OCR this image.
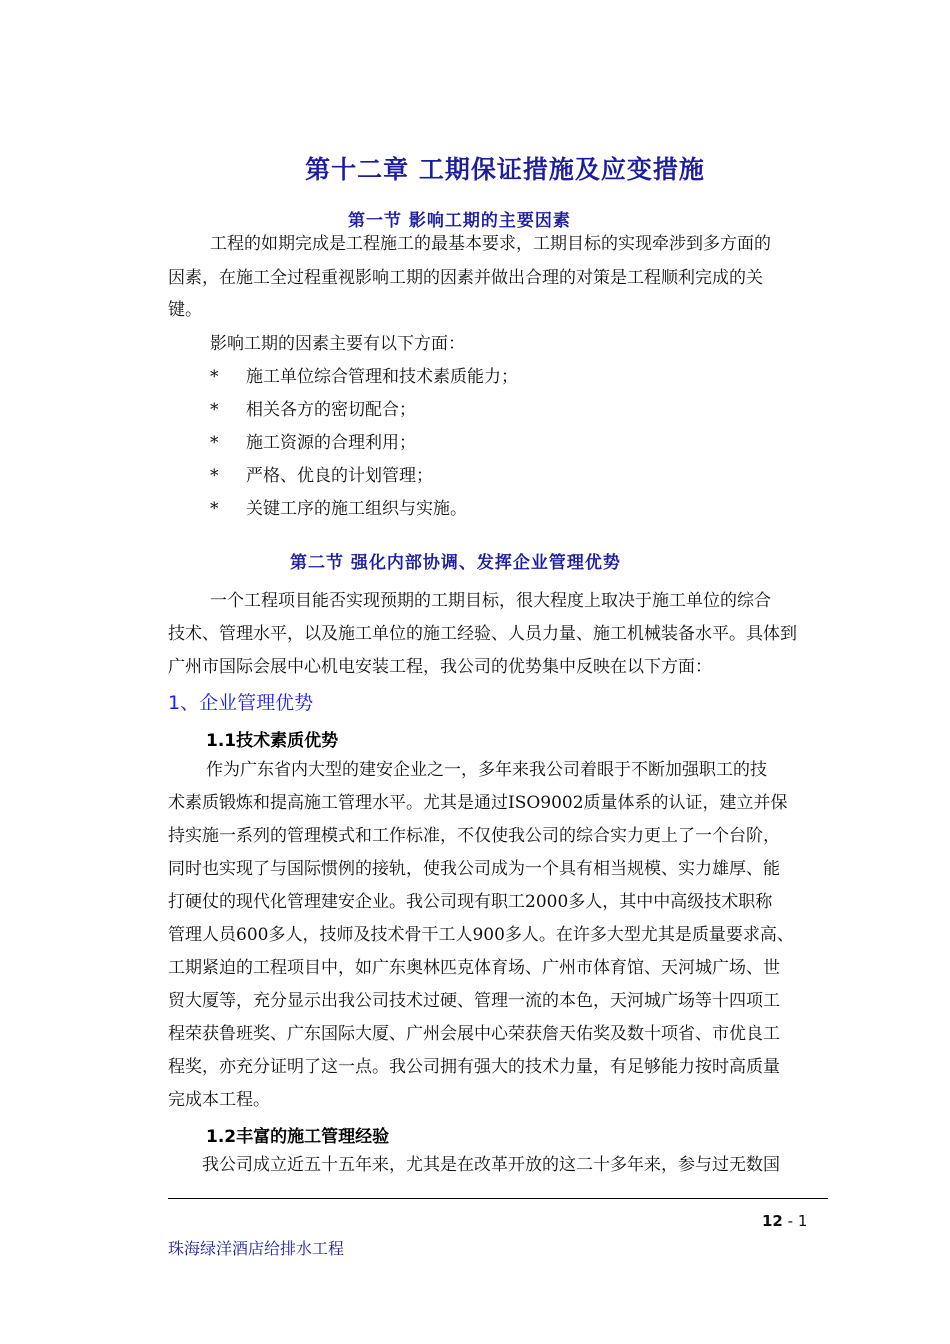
第十二章 工期保证措施及应变措施
第一节 影响工期的主要因素
工程的如期完成是工程施工的最基本要求，工期目标的实现牵涉到多方面的
因素，在施工全过程重视影响工期的因素并做出合理的对策是工程顺利完成的关
键。
影响工期的因素主要有以下方面：
* 施工单位综合管理和技术素质能力；
* 相关各方的密切配合；
* 施工资源的合理利用；
* 严格、优良的计划管理；
* 关键工序的施工组织与实施。
第二节 强化内部协调、发挥企业管理优势
一个工程项目能否实现预期的工期目标，很大程度上取决于施工单位的综合
技术、管理水平，以及施工单位的施工经验、人员力量、施工机械装备水平。具体到
广州市国际会展中心机电安装工程，我公司的优势集中反映在以下方面：
1、企业管理优势
1.1技术素质优势
作为广东省内大型的建安企业之一，多年来我公司着眼于不断加强职工的技
术素质锻炼和提高施工管理水平。尤其是通过ISO9002质量体系的认证，建立并保
持实施一系列的管理模式和工作标准，不仅使我公司的综合实力更上了一个台阶，
同时也实现了与国际惯例的接轨，使我公司成为一个具有相当规模、实力雄厚、能
打硬仗的现代化管理建安企业。我公司现有职工2000多人，其中中高级技术职称
管理人员600多人，技师及技术骨干工人900多人。在许多大型尤其是质量要求高、
工期紧迫的工程项目中，如广东奥林匹克体育场、广州市体育馆、天河城广场、世
贸大厦等，充分显示出我公司技术过硬、管理一流的本色，天河城广场等十四项工
程荣获鲁班奖、广东国际大厦、广州会展中心荣获詹天佑奖及数十项省、市优良工
程奖，亦充分证明了这一点。我公司拥有强大的技术力量，有足够能力按时高质量
完成本工程。
1.2丰富的施工管理经验
我公司成立近五十五年来，尤其是在改革开放的这二十多年来，参与过无数国
12 - 1
珠海绿洋酒店给排水工程
